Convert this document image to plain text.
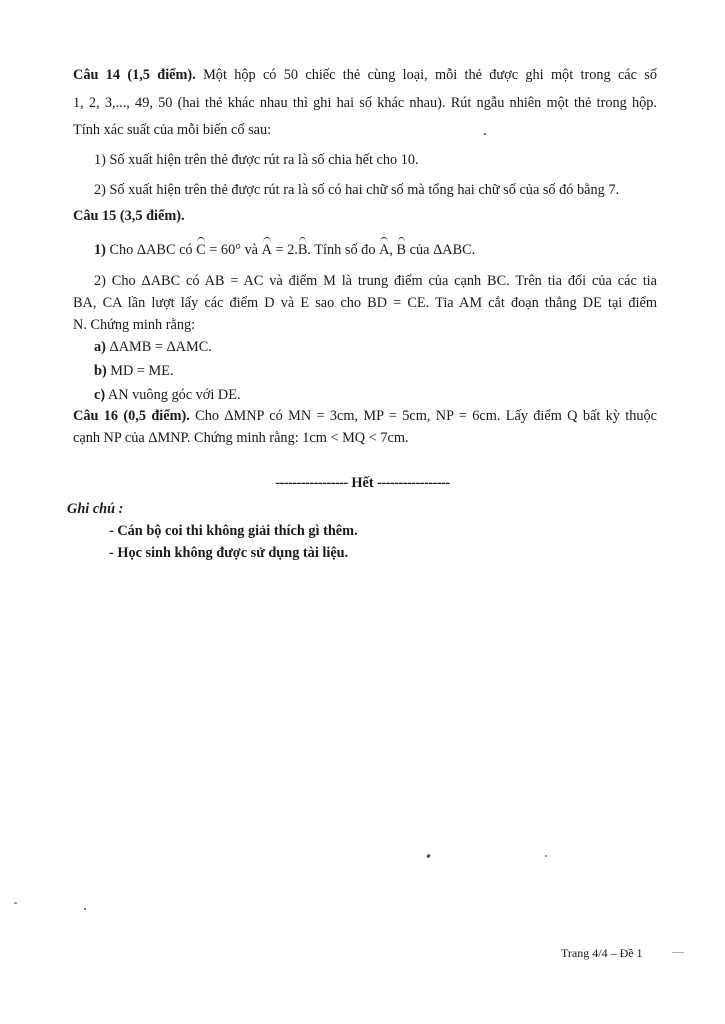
Câu 14 (1,5 điểm). Một hộp có 50 chiếc thẻ cùng loại, mỗi thẻ được ghi một trong các số
1, 2, 3,..., 49, 50 (hai thẻ khác nhau thì ghi hai số khác nhau). Rút ngẫu nhiên một thẻ trong hộp.
Tính xác suất của mỗi biến cố sau:
1) Số xuất hiện trên thẻ được rút ra là số chia hết cho 10.
2) Số xuất hiện trên thẻ được rút ra là số có hai chữ số mà tổng hai chữ số của số đó bằng 7.
Câu 15 (3,5 điểm).
1) Cho ΔABC có C = 60° và A = 2.B. Tính số đo A, B của ΔABC.
2) Cho ΔABC có AB = AC và điểm M là trung điểm của cạnh BC. Trên tia đối của các tia
BA, CA lần lượt lấy các điểm D và E sao cho BD = CE. Tia AM cắt đoạn thẳng DE tại điểm
N. Chứng minh rằng:
a) ΔAMB = ΔAMC.
b) MD = ME.
c) AN vuông góc với DE.
Câu 16 (0,5 điểm). Cho ΔMNP có MN = 3cm, MP = 5cm, NP = 6cm. Lấy điểm Q bất kỳ thuộc
cạnh NP của ΔMNP. Chứng minh rằng: 1cm < MQ < 7cm.
----------------- Hết -----------------
Ghi chú :
- Cán bộ coi thi không giải thích gì thêm.
- Học sinh không được sử dụng tài liệu.
Trang 4/4 – Đề 1 —
